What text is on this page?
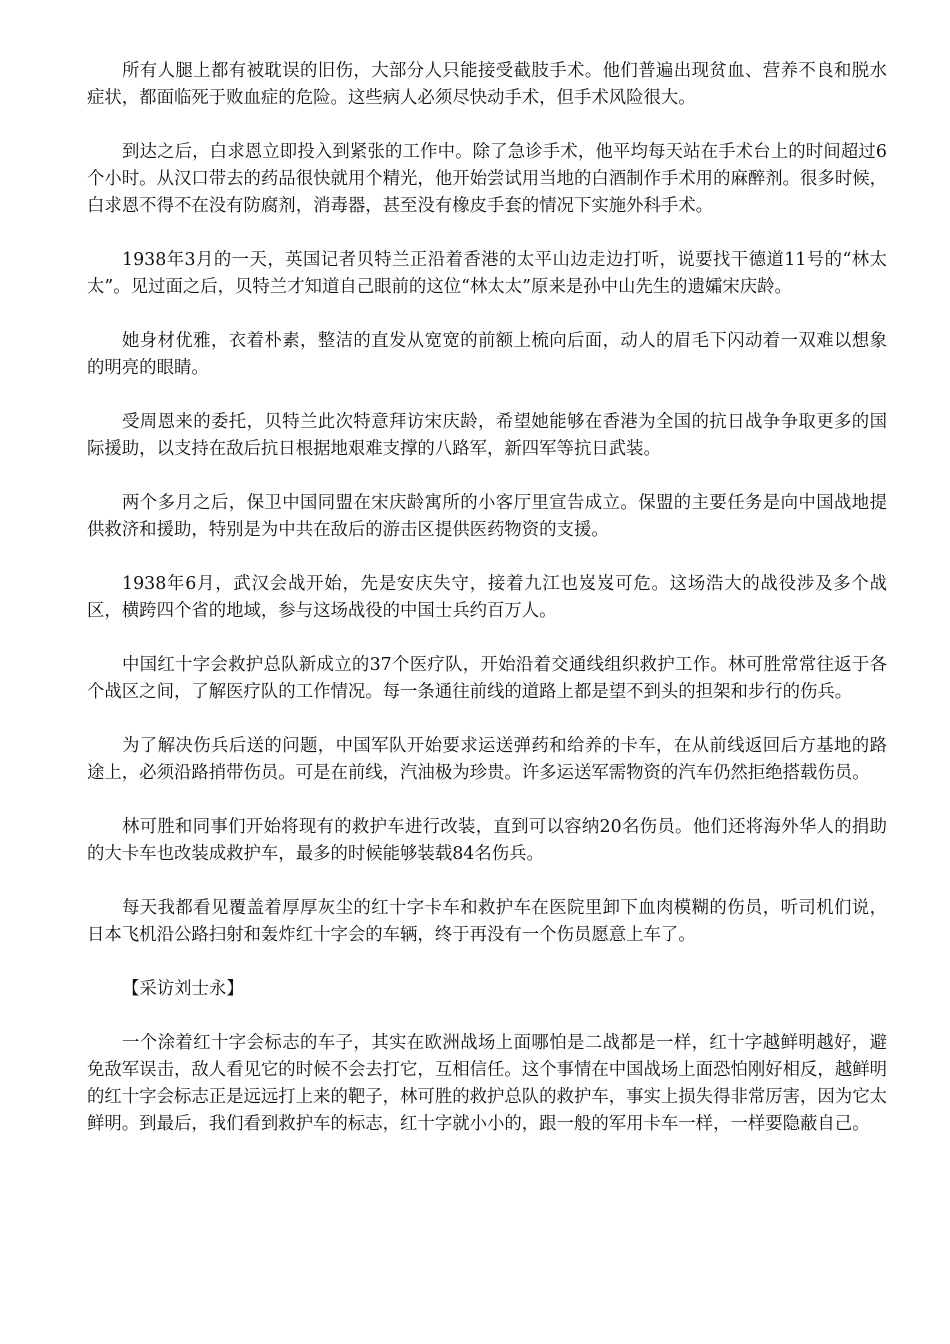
所有人腿上都有被耽误的旧伤，大部分人只能接受截肢手术。他们普遍出现贫血、营养不良和脱水症状，都面临死于败血症的危险。这些病人必须尽快动手术，但手术风险很大。

到达之后，白求恩立即投入到紧张的工作中。除了急诊手术，他平均每天站在手术台上的时间超过6个小时。从汉口带去的药品很快就用个精光，他开始尝试用当地的白酒制作手术用的麻醉剂。很多时候，白求恩不得不在没有防腐剂，消毒器，甚至没有橡皮手套的情况下实施外科手术。

1938年3月的一天，英国记者贝特兰正沿着香港的太平山边走边打听，说要找干德道11号的“林太太”。见过面之后，贝特兰才知道自己眼前的这位“林太太”原来是孙中山先生的遗孀宋庆龄。

她身材优雅，衣着朴素，整洁的直发从宽宽的前额上梳向后面，动人的眉毛下闪动着一双难以想象的明亮的眼睛。

受周恩来的委托，贝特兰此次特意拜访宋庆龄，希望她能够在香港为全国的抗日战争争取更多的国际援助，以支持在敌后抗日根据地艰难支撑的八路军，新四军等抗日武装。

两个多月之后，保卫中国同盟在宋庆龄寓所的小客厅里宣告成立。保盟的主要任务是向中国战地提供救济和援助，特别是为中共在敌后的游击区提供医药物资的支援。

1938年6月，武汉会战开始，先是安庆失守，接着九江也岌岌可危。这场浩大的战役涉及多个战区，横跨四个省的地域，参与这场战役的中国士兵约百万人。

中国红十字会救护总队新成立的37个医疗队，开始沿着交通线组织救护工作。林可胜常常往返于各个战区之间，了解医疗队的工作情况。每一条通往前线的道路上都是望不到头的担架和步行的伤兵。

为了解决伤兵后送的问题，中国军队开始要求运送弹药和给养的卡车，在从前线返回后方基地的路途上，必须沿路捎带伤员。可是在前线，汽油极为珍贵。许多运送军需物资的汽车仍然拒绝搭载伤员。

林可胜和同事们开始将现有的救护车进行改装，直到可以容纳20名伤员。他们还将海外华人的捐助的大卡车也改装成救护车，最多的时候能够装载84名伤兵。

每天我都看见覆盖着厚厚灰尘的红十字卡车和救护车在医院里卸下血肉模糊的伤员，听司机们说，日本飞机沿公路扫射和轰炸红十字会的车辆，终于再没有一个伤员愿意上车了。

【采访刘士永】

一个涂着红十字会标志的车子，其实在欧洲战场上面哪怕是二战都是一样，红十字越鲜明越好，避免敌军误击，敌人看见它的时候不会去打它，互相信任。这个事情在中国战场上面恐怕刚好相反，越鲜明的红十字会标志正是远远打上来的靶子，林可胜的救护总队的救护车，事实上损失得非常厉害，因为它太鲜明。到最后，我们看到救护车的标志，红十字就小小的，跟一般的军用卡车一样，一样要隐蔽自己。
